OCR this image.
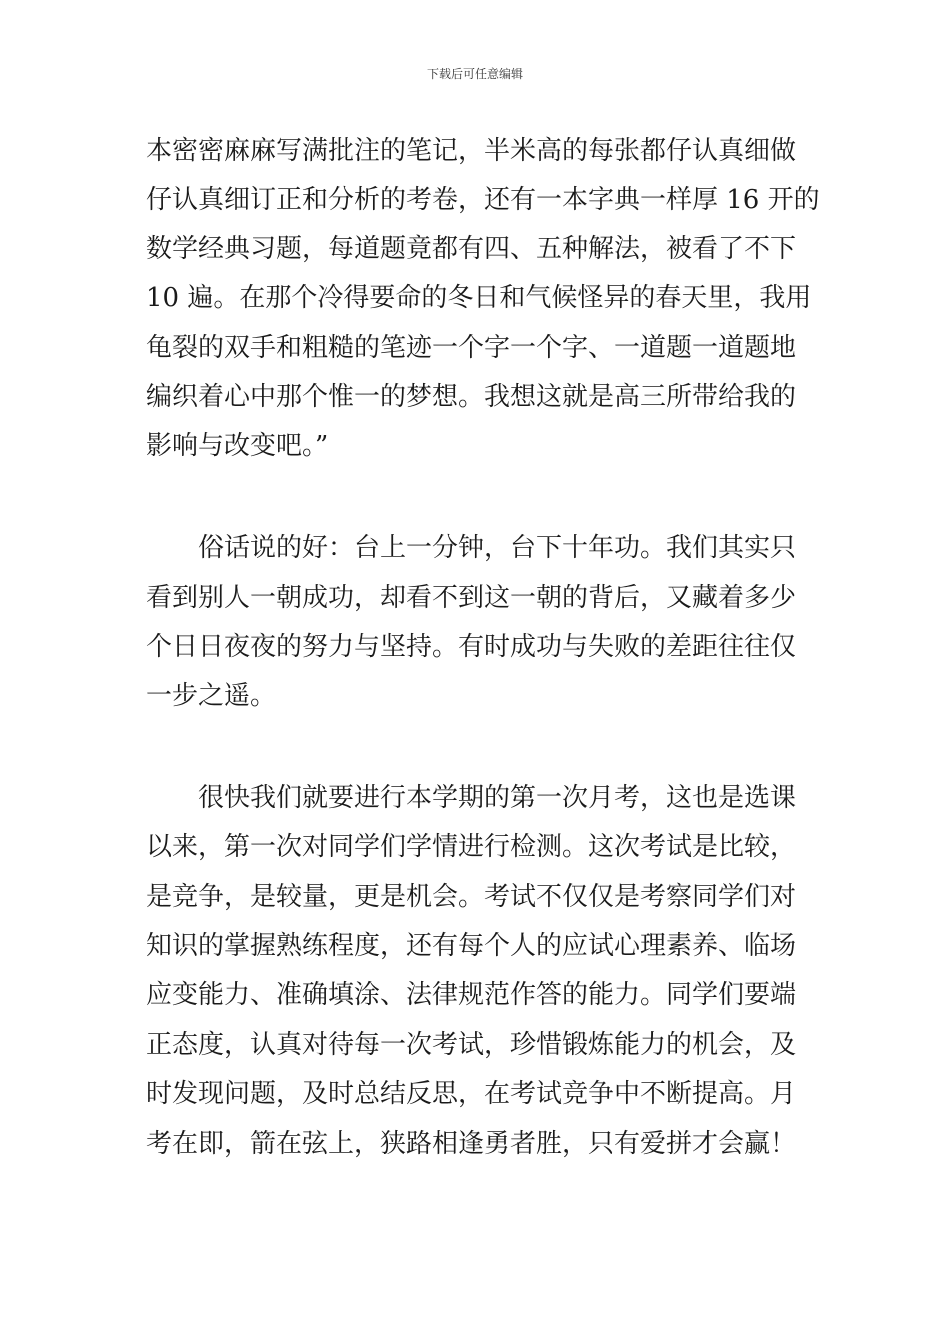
下载后可任意编辑
本密密麻麻写满批注的笔记，半米高的每张都仔认真细做
仔认真细订正和分析的考卷，还有一本字典一样厚 16 开的
数学经典习题，每道题竟都有四、五种解法，被看了不下
10 遍。在那个冷得要命的冬日和气候怪异的春天里，我用
龟裂的双手和粗糙的笔迹一个字一个字、一道题一道题地
编织着心中那个惟一的梦想。我想这就是高三所带给我的
影响与改变吧。”
俗话说的好：台上一分钟，台下十年功。我们其实只
看到别人一朝成功，却看不到这一朝的背后，又藏着多少
个日日夜夜的努力与坚持。有时成功与失败的差距往往仅
一步之遥。
很快我们就要进行本学期的第一次月考，这也是选课
以来，第一次对同学们学情进行检测。这次考试是比较，
是竞争，是较量，更是机会。考试不仅仅是考察同学们对
知识的掌握熟练程度，还有每个人的应试心理素养、临场
应变能力、准确填涂、法律规范作答的能力。同学们要端
正态度，认真对待每一次考试，珍惜锻炼能力的机会，及
时发现问题，及时总结反思，在考试竞争中不断提高。月
考在即，箭在弦上，狭路相逢勇者胜，只有爱拼才会赢！
